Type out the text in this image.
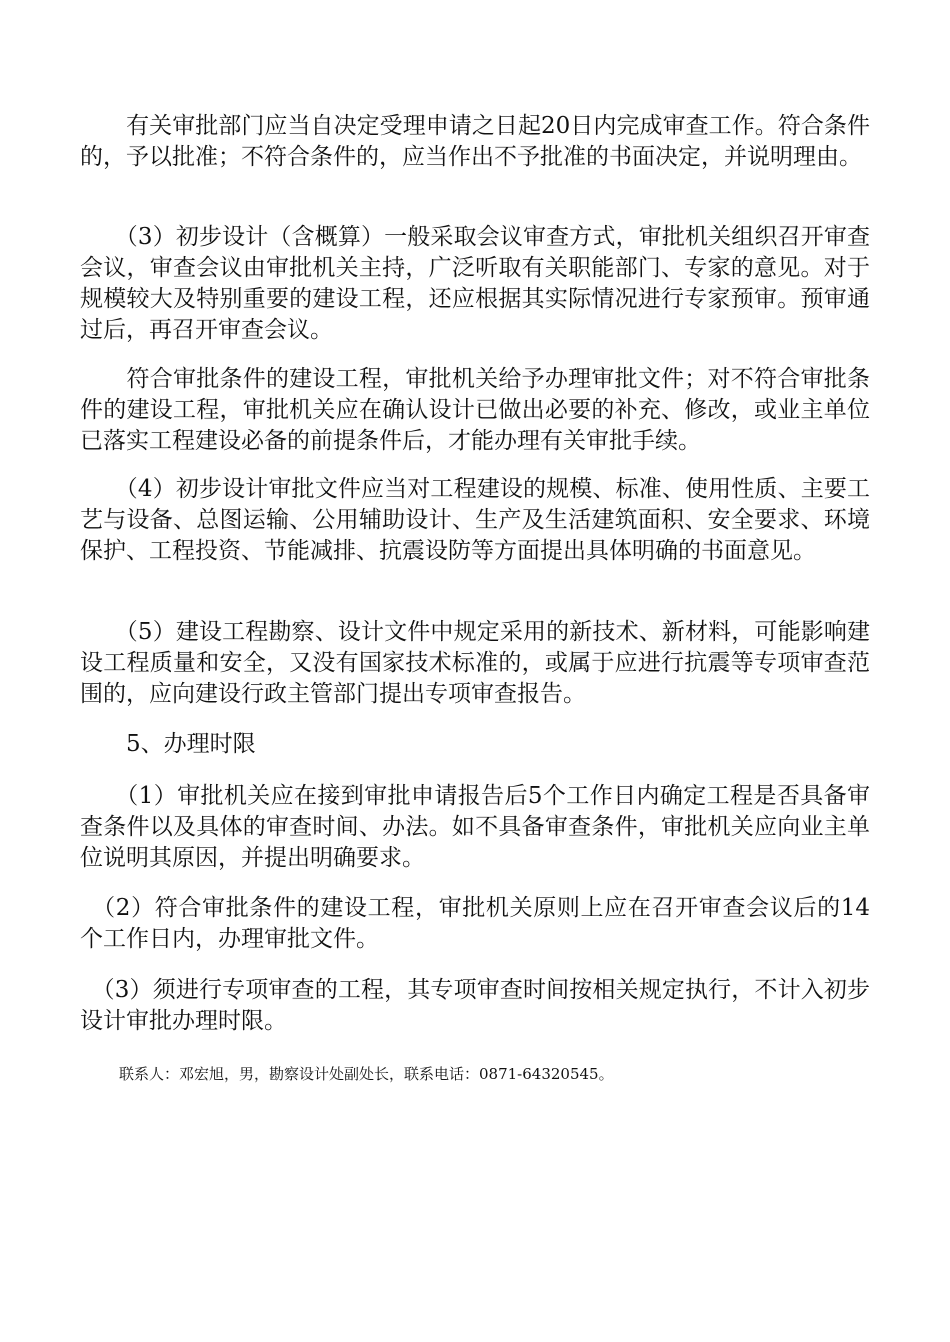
　　有关审批部门应当自决定受理申请之日起20日内完成审查工作。符合条件的，予以批准；不符合条件的，应当作出不予批准的书面决定，并说明理由。

　　（3）初步设计（含概算）一般采取会议审查方式，审批机关组织召开审查会议，审查会议由审批机关主持，广泛听取有关职能部门、专家的意见。对于规模较大及特别重要的建设工程，还应根据其实际情况进行专家预审。预审通过后，再召开审查会议。

　　符合审批条件的建设工程，审批机关给予办理审批文件；对不符合审批条件的建设工程，审批机关应在确认设计已做出必要的补充、修改，或业主单位已落实工程建设必备的前提条件后，才能办理有关审批手续。

　　（4）初步设计审批文件应当对工程建设的规模、标准、使用性质、主要工艺与设备、总图运输、公用辅助设计、生产及生活建筑面积、安全要求、环境保护、工程投资、节能减排、抗震设防等方面提出具体明确的书面意见。

　　（5）建设工程勘察、设计文件中规定采用的新技术、新材料，可能影响建设工程质量和安全，又没有国家技术标准的，或属于应进行抗震等专项审查范围的，应向建设行政主管部门提出专项审查报告。

　　5、办理时限

　　（1）审批机关应在接到审批申请报告后5个工作日内确定工程是否具备审查条件以及具体的审查时间、办法。如不具备审查条件，审批机关应向业主单位说明其原因，并提出明确要求。

　（2）符合审批条件的建设工程，审批机关原则上应在召开审查会议后的14个工作日内，办理审批文件。

　（3）须进行专项审查的工程，其专项审查时间按相关规定执行，不计入初步设计审批办理时限。

联系人：邓宏旭，男，勘察设计处副处长，联系电话：0871-64320545。
